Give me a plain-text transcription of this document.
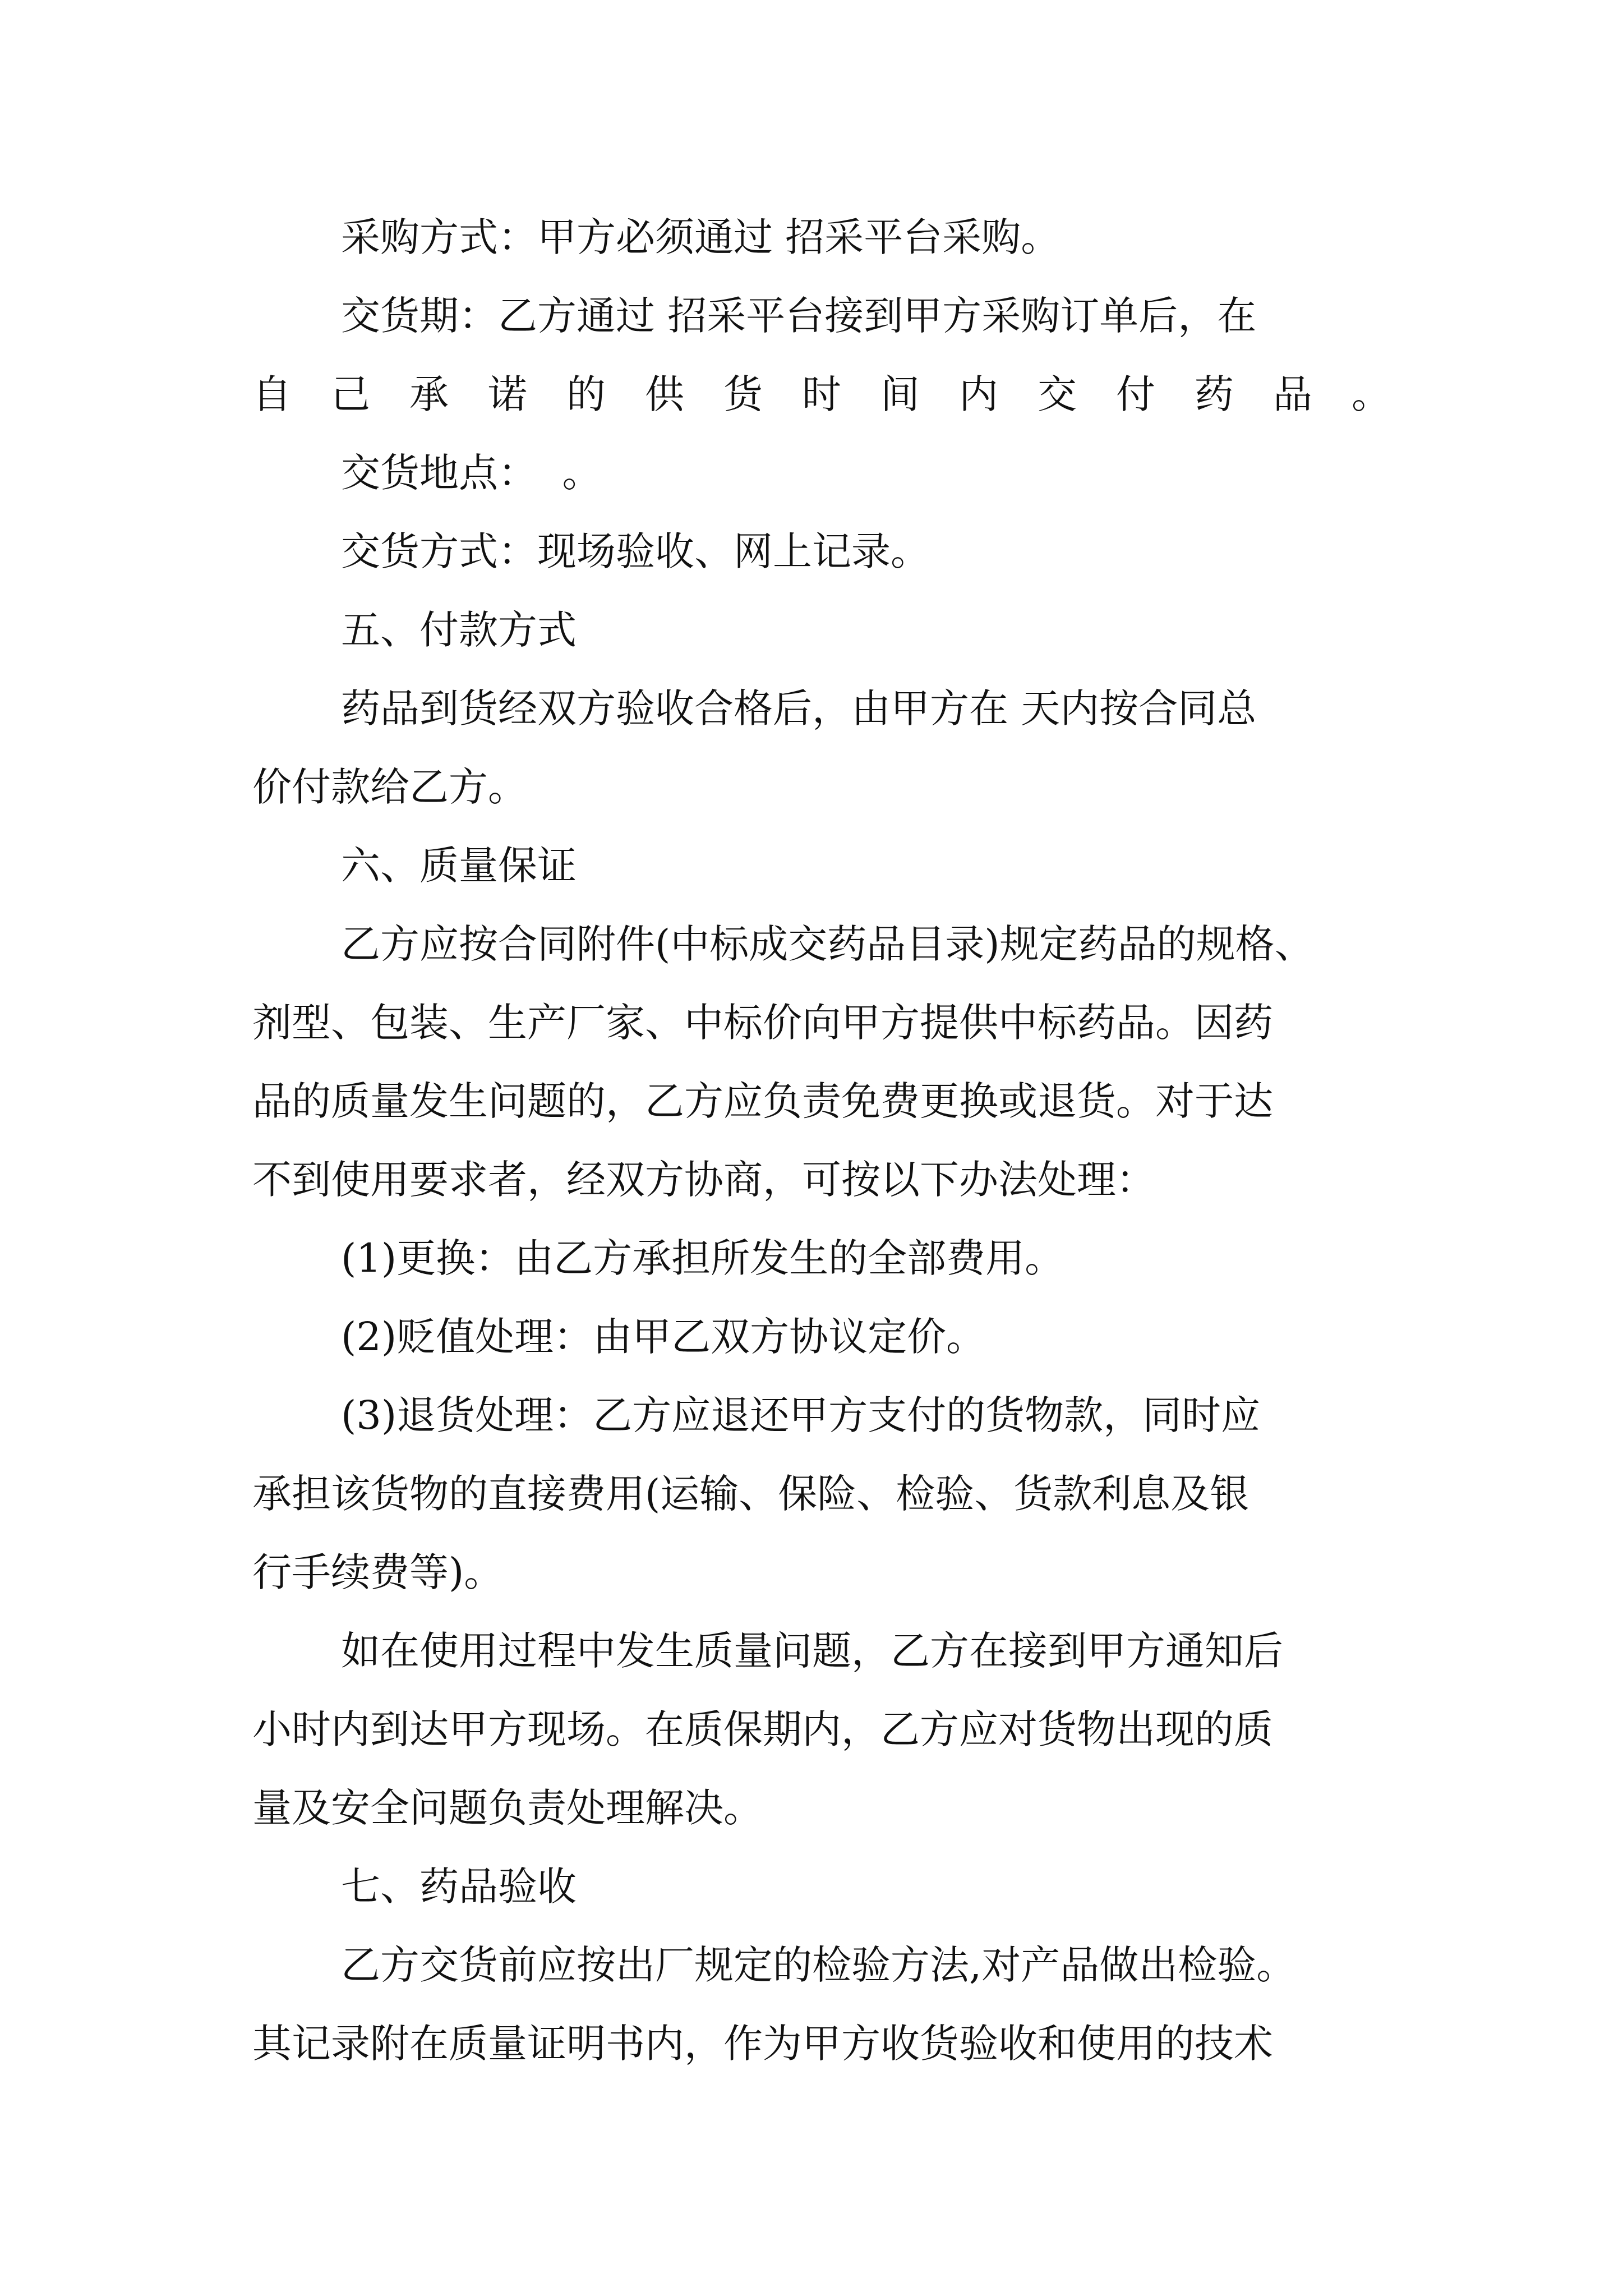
采购方式：甲方必须通过 招采平台采购。
交货期：乙方通过 招采平台接到甲方采购订单后，在
自己承诺的供货时间内交付药品。
交货地点：  。
交货方式：现场验收、网上记录。
五、付款方式
药品到货经双方验收合格后，由甲方在 天内按合同总
价付款给乙方。
六、质量保证
乙方应按合同附件(中标成交药品目录)规定药品的规格、
剂型、包装、生产厂家、中标价向甲方提供中标药品。因药
品的质量发生问题的，乙方应负责免费更换或退货。对于达
不到使用要求者，经双方协商，可按以下办法处理：
(1)更换：由乙方承担所发生的全部费用。
(2)贬值处理：由甲乙双方协议定价。
(3)退货处理：乙方应退还甲方支付的货物款，同时应
承担该货物的直接费用(运输、保险、检验、货款利息及银
行手续费等)。
如在使用过程中发生质量问题，乙方在接到甲方通知后
小时内到达甲方现场。在质保期内，乙方应对货物出现的质
量及安全问题负责处理解决。
七、药品验收
乙方交货前应按出厂规定的检验方法,对产品做出检验。
其记录附在质量证明书内，作为甲方收货验收和使用的技术
